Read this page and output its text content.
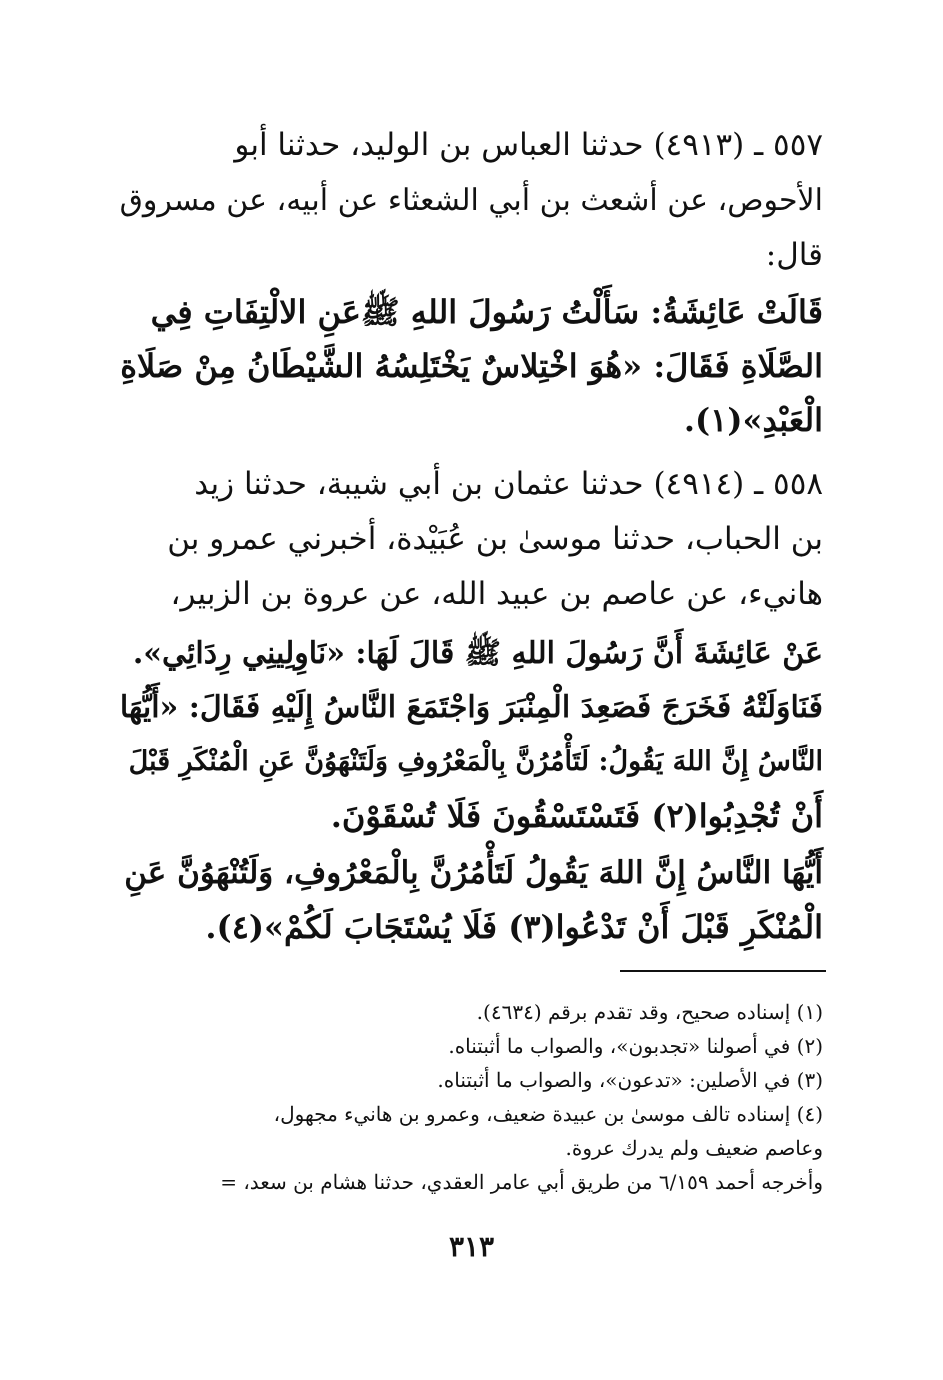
٥٥٧ ـ (٤٩١٣) حدثنا العباس بن الوليد، حدثنا أبو
الأحوص، عن أشعث بن أبي الشعثاء عن أبيه، عن مسروق
قال:
قَالَتْ عَائِشَةُ: سَأَلْتُ رَسُولَ اللهِ ﷺعَنِ الالْتِفَاتِ فِي
الصَّلَاةِ فَقَالَ: «هُوَ اخْتِلاسٌ يَخْتَلِسُهُ الشَّيْطَانُ مِنْ صَلَاةِ
الْعَبْدِ»(١).
٥٥٨ ـ (٤٩١٤) حدثنا عثمان بن أبي شيبة، حدثنا زيد
بن الحباب، حدثنا موسىٰ بن عُبَيْدة، أخبرني عمرو بن
هانيء، عن عاصم بن عبيد الله، عن عروة بن الزبير،
عَنْ عَائِشَةَ أَنَّ رَسُولَ اللهِ ﷺ قَالَ لَهَا: «نَاوِلِينِي رِدَائِي».
فَنَاوَلَتْهُ فَخَرَجَ فَصَعِدَ الْمِنْبَرَ وَاجْتَمَعَ النَّاسُ إِلَيْهِ فَقَالَ: «أَيُّهَا
النَّاسُ إِنَّ اللهَ يَقُولُ: لَتَأْمُرُنَّ بِالْمَعْرُوفِ وَلَتَنْهَوُنَّ عَنِ الْمُنْكَرِ قَبْلَ
أَنْ تُجْدِبُوا(٢) فَتَسْتَسْقُونَ فَلَا تُسْقَوْنَ.
أَيُّهَا النَّاسُ إِنَّ اللهَ يَقُولُ لَتَأْمُرُنَّ بِالْمَعْرُوفِ، وَلَتُنْهَوُنَّ عَنِ
الْمُنْكَرِ قَبْلَ أَنْ تَدْعُوا(٣) فَلَا يُسْتَجَابَ لَكُمْ»(٤).
(١) إسناده صحيح، وقد تقدم برقم (٤٦٣٤).
(٢) في أصولنا «تجدبون»، والصواب ما أثبتناه.
(٣) في الأصلين: «تدعون»، والصواب ما أثبتناه.
(٤) إسناده تالف موسىٰ بن عبيدة ضعيف، وعمرو بن هانيء مجهول،
وعاصم ضعيف ولم يدرك عروة.
وأخرجه أحمد ٦/١٥٩ من طريق أبي عامر العقدي، حدثنا هشام بن سعد، =
٣١٣
